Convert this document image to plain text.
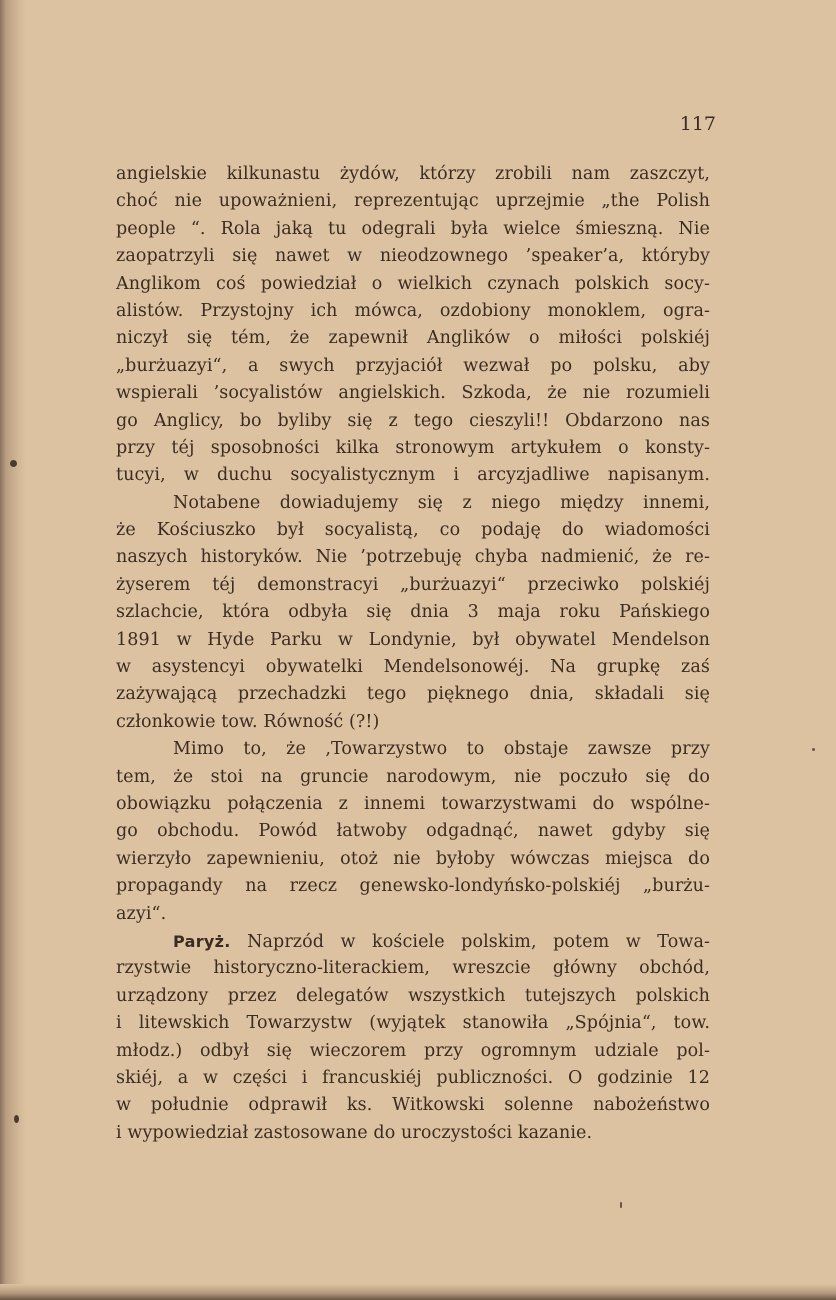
117
angielskie kilkunastu żydów, którzy zrobili nam zaszczyt,
choć nie upoważnieni, reprezentując uprzejmie „the Polish
people “. Rola jaką tu odegrali była wielce śmieszną. Nie
zaopatrzyli się nawet w nieodzownego ’speaker’a, któryby
Anglikom coś powiedział o wielkich czynach polskich socy-
alistów. Przystojny ich mówca, ozdobiony monoklem, ogra-
niczył się tém, że zapewnił Anglików o miłości polskiéj
„burżuazyi“, a swych przyjaciół wezwał po polsku, aby
wspierali ’socyalistów angielskich. Szkoda, że nie rozumieli
go Anglicy, bo byliby się z tego cieszyli!! Obdarzono nas
przy téj sposobności kilka stronowym artykułem o konsty-
tucyi, w duchu socyalistycznym i arcyzjadliwe napisanym.
Notabene dowiadujemy się z niego między innemi,
że Kościuszko był socyalistą, co podaję do wiadomości
naszych historyków. Nie ’potrzebuję chyba nadmienić, że re-
żyserem téj demonstracyi „burżuazyi“ przeciwko polskiéj
szlachcie, która odbyła się dnia 3 maja roku Pańskiego
1891 w Hyde Parku w Londynie, był obywatel Mendelson
w asystencyi obywatelki Mendelsonowéj. Na grupkę zaś
zażywającą przechadzki tego pięknego dnia, składali się
członkowie tow. Równość (?!)
Mimo to, że ‚Towarzystwo to obstaje zawsze przy
tem, że stoi na gruncie narodowym, nie poczuło się do
obowiązku połączenia z innemi towarzystwami do wspólne-
go obchodu. Powód łatwoby odgadnąć, nawet gdyby się
wierzyło zapewnieniu, otoż nie byłoby wówczas miejsca do
propagandy na rzecz genewsko-londyńsko-polskiéj „burżu-
azyi“.
Paryż. Naprzód w kościele polskim, potem w Towa-
rzystwie historyczno-literackiem, wreszcie główny obchód,
urządzony przez delegatów wszystkich tutejszych polskich
i litewskich Towarzystw (wyjątek stanowiła „Spójnia“, tow.
młodz.) odbył się wieczorem przy ogromnym udziale pol-
skiéj, a w części i francuskiéj publiczności. O godzinie 12
w południe odprawił ks. Witkowski solenne nabożeństwo
i wypowiedział zastosowane do uroczystości kazanie.
